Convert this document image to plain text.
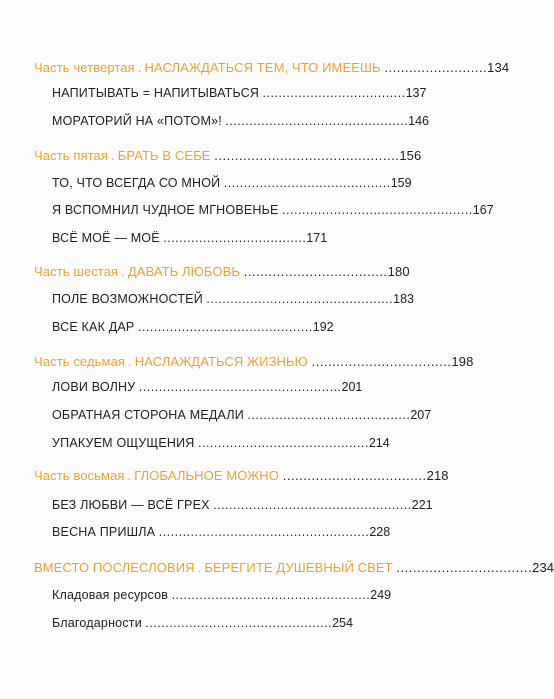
Часть четвертая . НАСЛАЖДАТЬСЯ ТЕМ, ЧТО ИМЕЕШЬ .........................134
НАПИТЫВАТЬ = НАПИТЫВАТЬСЯ ....................................137
МОРАТОРИЙ НА «ПОТОМ»! ..............................................146
Часть пятая . БРАТЬ В СЕБЕ .............................................156
ТО, ЧТО ВСЕГДА СО МНОЙ ..........................................159
Я ВСПОМНИЛ ЧУДНОЕ МГНОВЕНЬЕ ................................................167
ВСЁ МОЁ — МОЁ ....................................171
Часть шестая . ДАВАТЬ ЛЮБОВЬ ...................................180
ПОЛЕ ВОЗМОЖНОСТЕЙ ...............................................183
ВСЕ КАК ДАР ............................................192
Часть седьмая . НАСЛАЖДАТЬСЯ ЖИЗНЬЮ ..................................198
ЛОВИ ВОЛНУ ...................................................201
ОБРАТНАЯ СТОРОНА МЕДАЛИ .........................................207
УПАКУЕМ ОЩУЩЕНИЯ ...........................................214
Часть восьмая . ГЛОБАЛЬНОЕ МОЖНО ...................................218
БЕЗ ЛЮБВИ — ВСЁ ГРЕХ ..................................................221
ВЕСНА ПРИШЛА .....................................................228
ВМЕСТО ПОСЛЕСЛОВИЯ . БЕРЕГИТЕ ДУШЕВНЫЙ СВЕТ .................................234
Кладовая ресурсов ..................................................249
Благодарности ...............................................254
